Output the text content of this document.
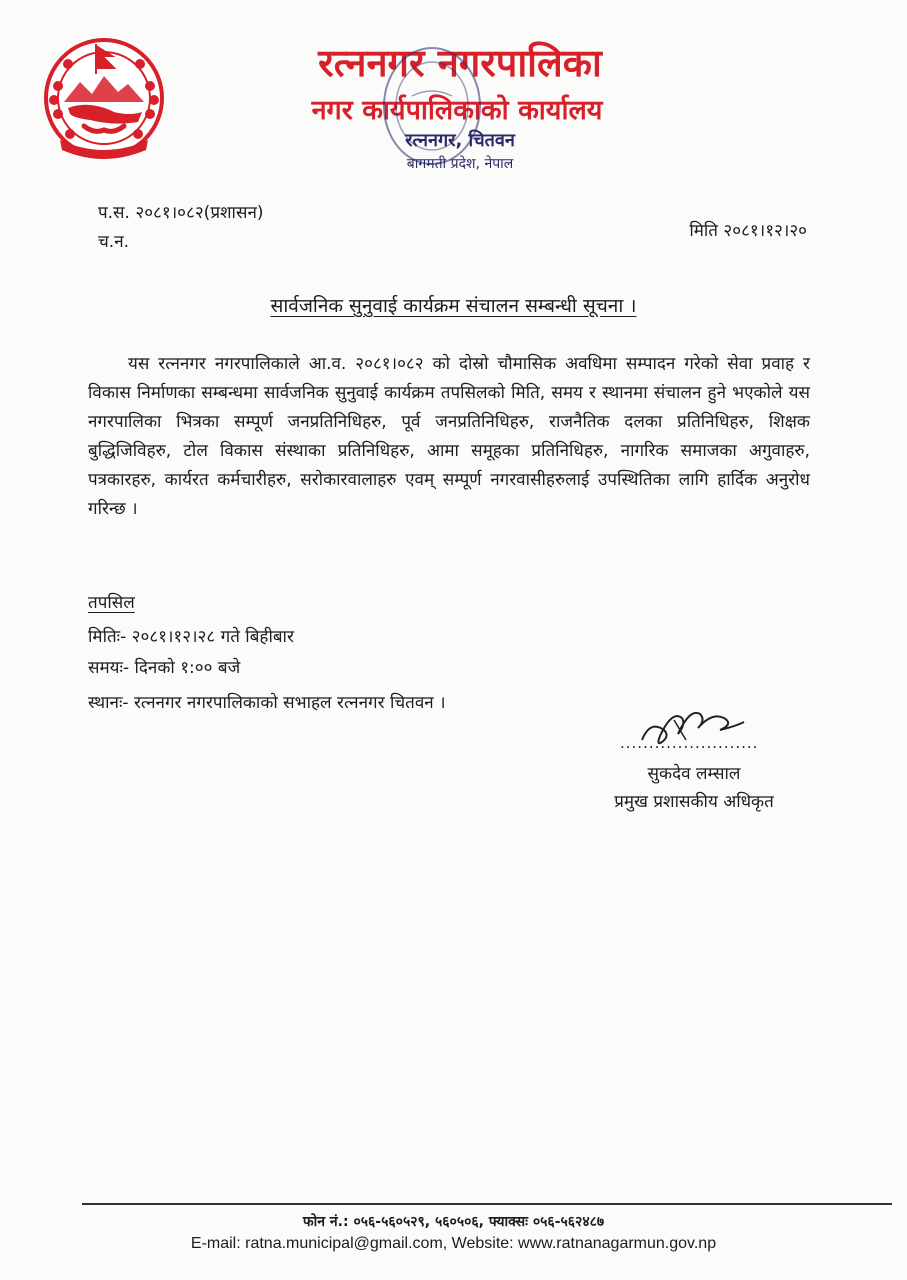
रत्ननगर नगरपालिका
नगर कार्यपालिकाको कार्यालय
रत्ननगर, चितवन
बागमती प्रदेश, नेपाल
प.स. २०८१।०८२(प्रशासन)
च.न.
मिति २०८१।१२।२०
सार्वजनिक सुनुवाई कार्यक्रम संचालन सम्बन्धी सूचना ।

यस रत्ननगर नगरपालिकाले आ.व. २०८१।०८२ को दोस्रो चौमासिक अवधिमा सम्पादन गरेको सेवा प्रवाह र विकास निर्माणका सम्बन्धमा सार्वजनिक सुनुवाई कार्यक्रम तपसिलको मिति, समय र स्थानमा संचालन हुने भएकोले यस नगरपालिका भित्रका सम्पूर्ण जनप्रतिनिधिहरु, पूर्व जनप्रतिनिधिहरु, राजनैतिक दलका प्रतिनिधिहरु, शिक्षक बुद्धिजिविहरु, टोल विकास संस्थाका प्रतिनिधिहरु, आमा समूहका प्रतिनिधिहरु, नागरिक समाजका अगुवाहरु, पत्रकारहरु, कार्यरत कर्मचारीहरु, सरोकारवालाहरु एवम् सम्पूर्ण नगरवासीहरुलाई उपस्थितिका लागि हार्दिक अनुरोध गरिन्छ ।

तपसिल
मितिः- २०८१।१२।२८ गते बिहीबार
समयः- दिनको १:०० बजे
स्थानः- रत्ननगर नगरपालिकाको सभाहल रत्ननगर चितवन ।
........................
सुकदेव लम्साल
प्रमुख प्रशासकीय अधिकृत
फोन नं.: ०५६-५६०५२९, ५६०५०६, फ्याक्सः ०५६-५६२४८७
E-mail: ratna.municipal@gmail.com, Website: www.ratnanagarmun.gov.np
